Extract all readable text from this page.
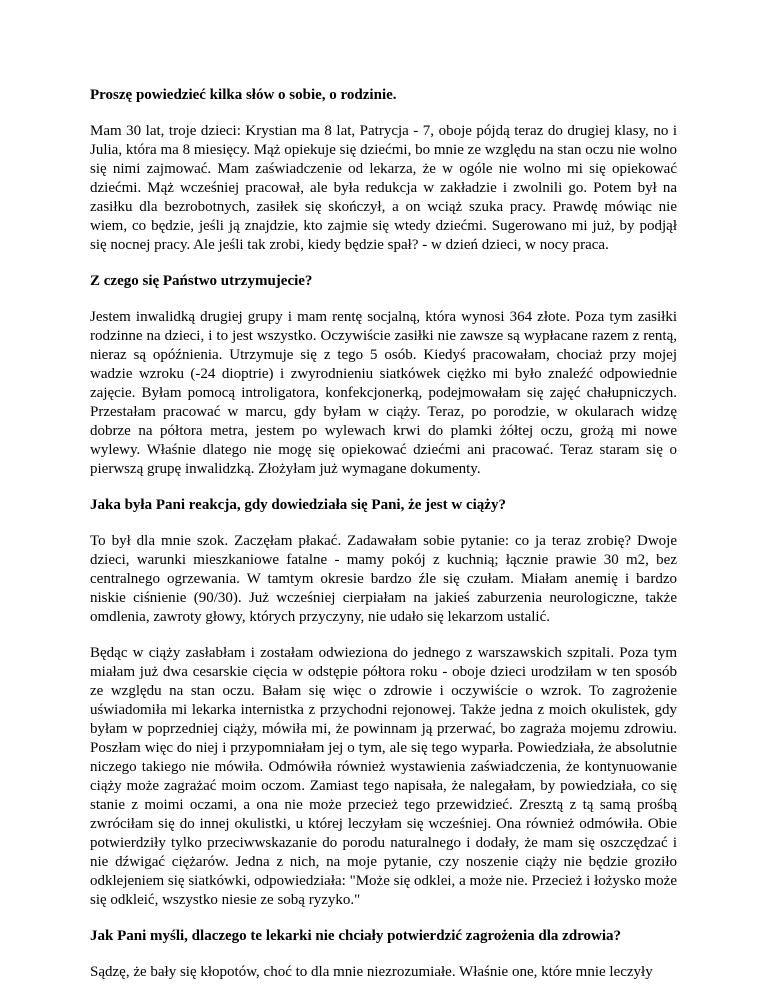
Proszę powiedzieć kilka słów o sobie, o rodzinie.
Mam 30 lat, troje dzieci: Krystian ma 8 lat, Patrycja - 7, oboje pójdą teraz do drugiej klasy, no i Julia, która ma 8 miesięcy. Mąż opiekuje się dziećmi, bo mnie ze względu na stan oczu nie wolno się nimi zajmować. Mam zaświadczenie od lekarza, że w ogóle nie wolno mi się opiekować dziećmi. Mąż wcześniej pracował, ale była redukcja w zakładzie i zwolnili go. Potem był na zasiłku dla bezrobotnych, zasiłek się skończył, a on wciąż szuka pracy. Prawdę mówiąc nie wiem, co będzie, jeśli ją znajdzie, kto zajmie się wtedy dziećmi. Sugerowano mi już, by podjął się nocnej pracy. Ale jeśli tak zrobi, kiedy będzie spał? - w dzień dzieci, w nocy praca.
Z czego się Państwo utrzymujecie?
Jestem inwalidką drugiej grupy i mam rentę socjalną, która wynosi 364 złote. Poza tym zasiłki rodzinne na dzieci, i to jest wszystko. Oczywiście zasiłki nie zawsze są wypłacane razem z rentą, nieraz są opóźnienia. Utrzymuje się z tego 5 osób. Kiedyś pracowałam, chociaż przy mojej wadzie wzroku (-24 dioptrie) i zwyrodnieniu siatkówek ciężko mi było znaleźć odpowiednie zajęcie. Byłam pomocą introligatora, konfekcjonerką, podejmowałam się zajęć chałupniczych. Przestałam pracować w marcu, gdy byłam w ciąży. Teraz, po porodzie, w okularach widzę dobrze na półtora metra, jestem po wylewach krwi do plamki żółtej oczu, grożą mi nowe wylewy. Właśnie dlatego nie mogę się opiekować dziećmi ani pracować. Teraz staram się o pierwszą grupę inwalidzką. Złożyłam już wymagane dokumenty.
Jaka była Pani reakcja, gdy dowiedziała się Pani, że jest w ciąży?
To był dla mnie szok. Zaczęłam płakać. Zadawałam sobie pytanie: co ja teraz zrobię? Dwoje dzieci, warunki mieszkaniowe fatalne - mamy pokój z kuchnią; łącznie prawie 30 m2, bez centralnego ogrzewania. W tamtym okresie bardzo źle się czułam. Miałam anemię i bardzo niskie ciśnienie (90/30). Już wcześniej cierpiałam na jakieś zaburzenia neurologiczne, także omdlenia, zawroty głowy, których przyczyny, nie udało się lekarzom ustalić.
Będąc w ciąży zasłabłam i zostałam odwieziona do jednego z warszawskich szpitali. Poza tym miałam już dwa cesarskie cięcia w odstępie półtora roku - oboje dzieci urodziłam w ten sposób ze względu na stan oczu. Bałam się więc o zdrowie i oczywiście o wzrok. To zagrożenie uświadomiła mi lekarka internistka z przychodni rejonowej. Także jedna z moich okulistek, gdy byłam w poprzedniej ciąży, mówiła mi, że powinnam ją przerwać, bo zagraża mojemu zdrowiu. Poszłam więc do niej i przypomniałam jej o tym, ale się tego wyparła. Powiedziała, że absolutnie niczego takiego nie mówiła. Odmówiła również wystawienia zaświadczenia, że kontynuowanie ciąży może zagrażać moim oczom. Zamiast tego napisała, że nalegałam, by powiedziała, co się stanie z moimi oczami, a ona nie może przecież tego przewidzieć. Zresztą z tą samą prośbą zwróciłam się do innej okulistki, u której leczyłam się wcześniej. Ona również odmówiła. Obie potwierdziły tylko przeciwwskazanie do porodu naturalnego i dodały, że mam się oszczędzać i nie dźwigać ciężarów. Jedna z nich, na moje pytanie, czy noszenie ciąży nie będzie groziło odklejeniem się siatkówki, odpowiedziała: "Może się odklei, a może nie. Przecież i łożysko może się odkleić, wszystko niesie ze sobą ryzyko."
Jak Pani myśli, dlaczego te lekarki nie chciały potwierdzić zagrożenia dla zdrowia?
Sądzę, że bały się kłopotów, choć to dla mnie niezrozumiałe. Właśnie one, które mnie leczyły
